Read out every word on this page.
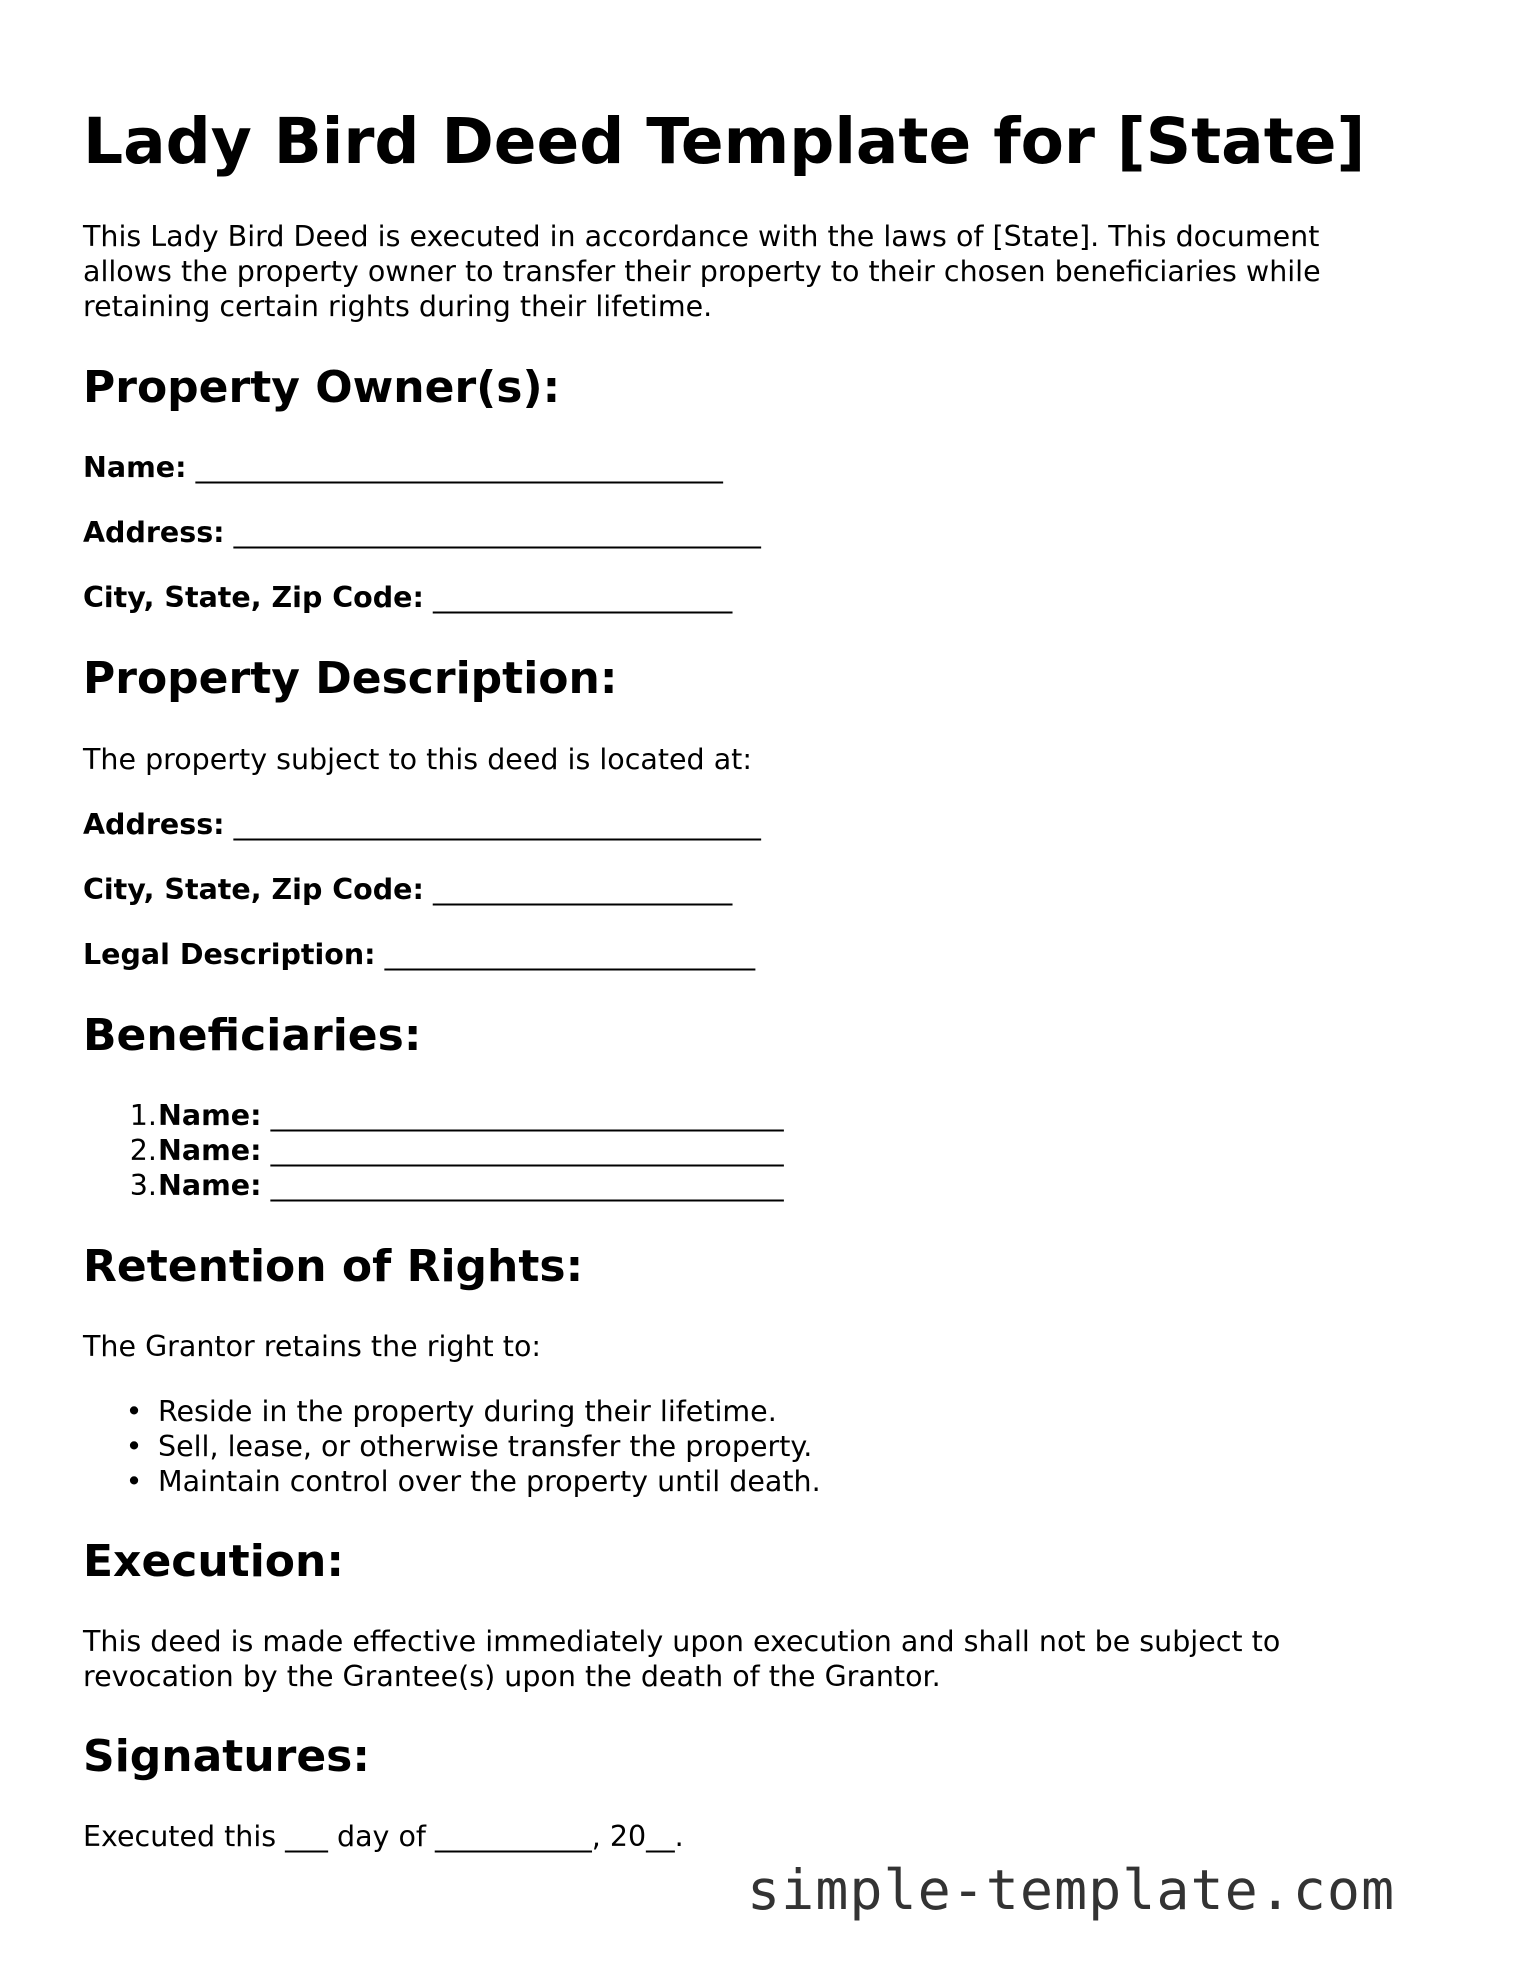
Lady Bird Deed Template for [State]

This Lady Bird Deed is executed in accordance with the laws of [State]. This document allows the property owner to transfer their property to their chosen beneficiaries while retaining certain rights during their lifetime.

Property Owner(s):

Name: _____________________________________

Address: _____________________________________

City, State, Zip Code: _____________________

Property Description:

The property subject to this deed is located at:

Address: _____________________________________

City, State, Zip Code: _____________________

Legal Description: __________________________

Beneficiaries:
1. Name: ____________________________________
2. Name: ____________________________________
3. Name: ____________________________________
Retention of Rights:

The Grantor retains the right to:

• Reside in the property during their lifetime.
• Sell, lease, or otherwise transfer the property.
• Maintain control over the property until death.
Execution:

This deed is made effective immediately upon execution and shall not be subject to revocation by the Grantee(s) upon the death of the Grantor.

Signatures:

Executed this ___ day of ___________, 20__.

simple-template.com
